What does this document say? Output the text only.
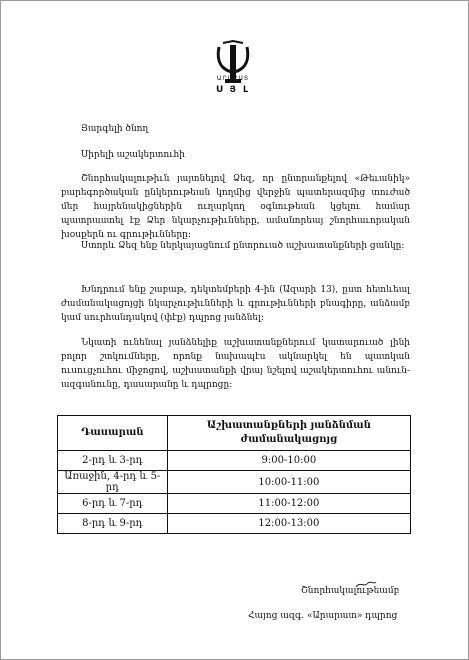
ԱՐԱՐԱՏ
Ս Յ Լ
Յարգելի ծնող
Սիրելի աշակերտուհի
Շնորհակալութիւն յայտնելով Ձեզ, որ ընտրանքելով «Թեւանիկ» բարեգործական ընկերութեան կողմից վերջին պատերազմից տուժած մեր հայրենակիցներին ուղարկող օգնութեան կցելու համար պատրաստել էք Ձեր նկարչութիւնները, ամանորեայ շնորհաւորական խօսքերն ու գրութիւնները:
Ստորև Ձեզ ենք ներկայացնում ընտրուած աշխատանքների ցանկը:
Խնդրում ենք շաբաթ, դեկտեմբերի 4-ին (Ազարի 13), ըստ հետևեալ ժամանակացոյցի նկարչութիւնների և գրութիւնների բնագիրը, անձամբ կամ սուրհանդակով (փէք) դպրոց յանձնել:
Նկատի ունենալ յանձնելիք աշխատանքներում կատարուած լինի բոլոր շտկումները, որոնք նախապէս ակնարկել են պատկան ուսուցչուհու միջոցով, աշխատանքի վրայ նշելով աշակերտուհու անուն-ազգանունը, դասարանը և դպրոցը:
Դասարան	Աշխատանքների յանձնման ժամանակացոյց
2-րդ և 3-րդ	9:00-10:00
Առաջին, 4-րդ և 5-րդ	10:00-11:00
6-րդ և 7-րդ	11:00-12:00
8-րդ և 9-րդ	12:00-13:00
Շնորհակալութեամբ
Հայոց ազգ. «Արարատ» դպրոց
